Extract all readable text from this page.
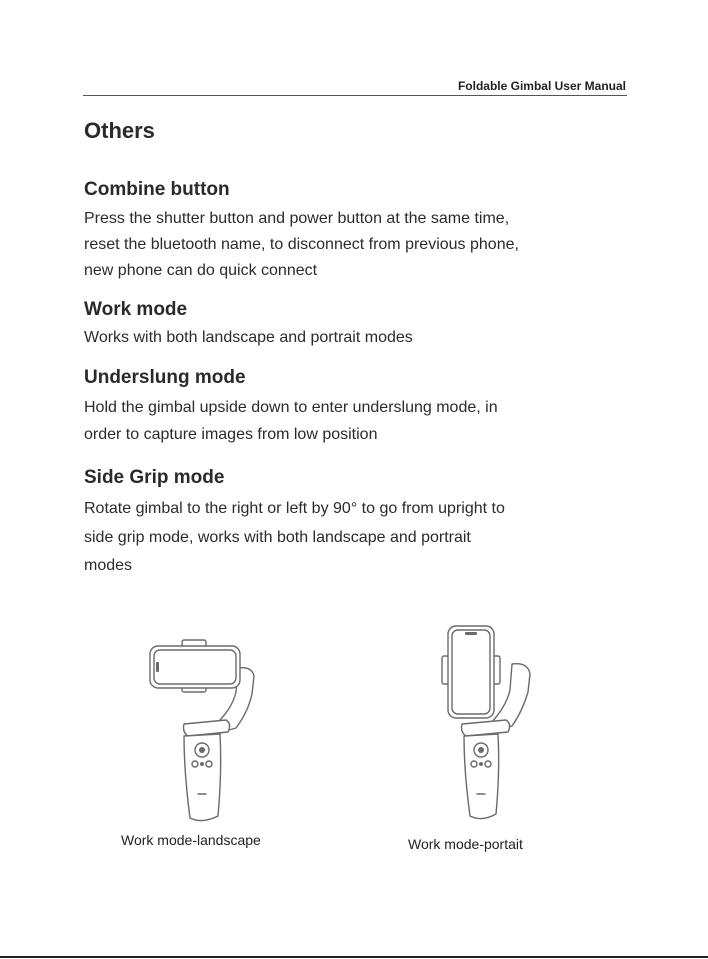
Foldable Gimbal User Manual
Others
Combine button
Press the shutter button and power button at the same time,
reset the bluetooth name, to disconnect from previous phone,
new phone can do quick connect
Work mode
Works with both landscape and portrait modes
Underslung mode
Hold the gimbal upside down to enter underslung mode, in
order to capture images from low position
Side Grip mode
Rotate gimbal to the right or left by 90° to go from upright to
side grip mode, works with both landscape and portrait
modes
Work mode-landscape	Work mode-portait
